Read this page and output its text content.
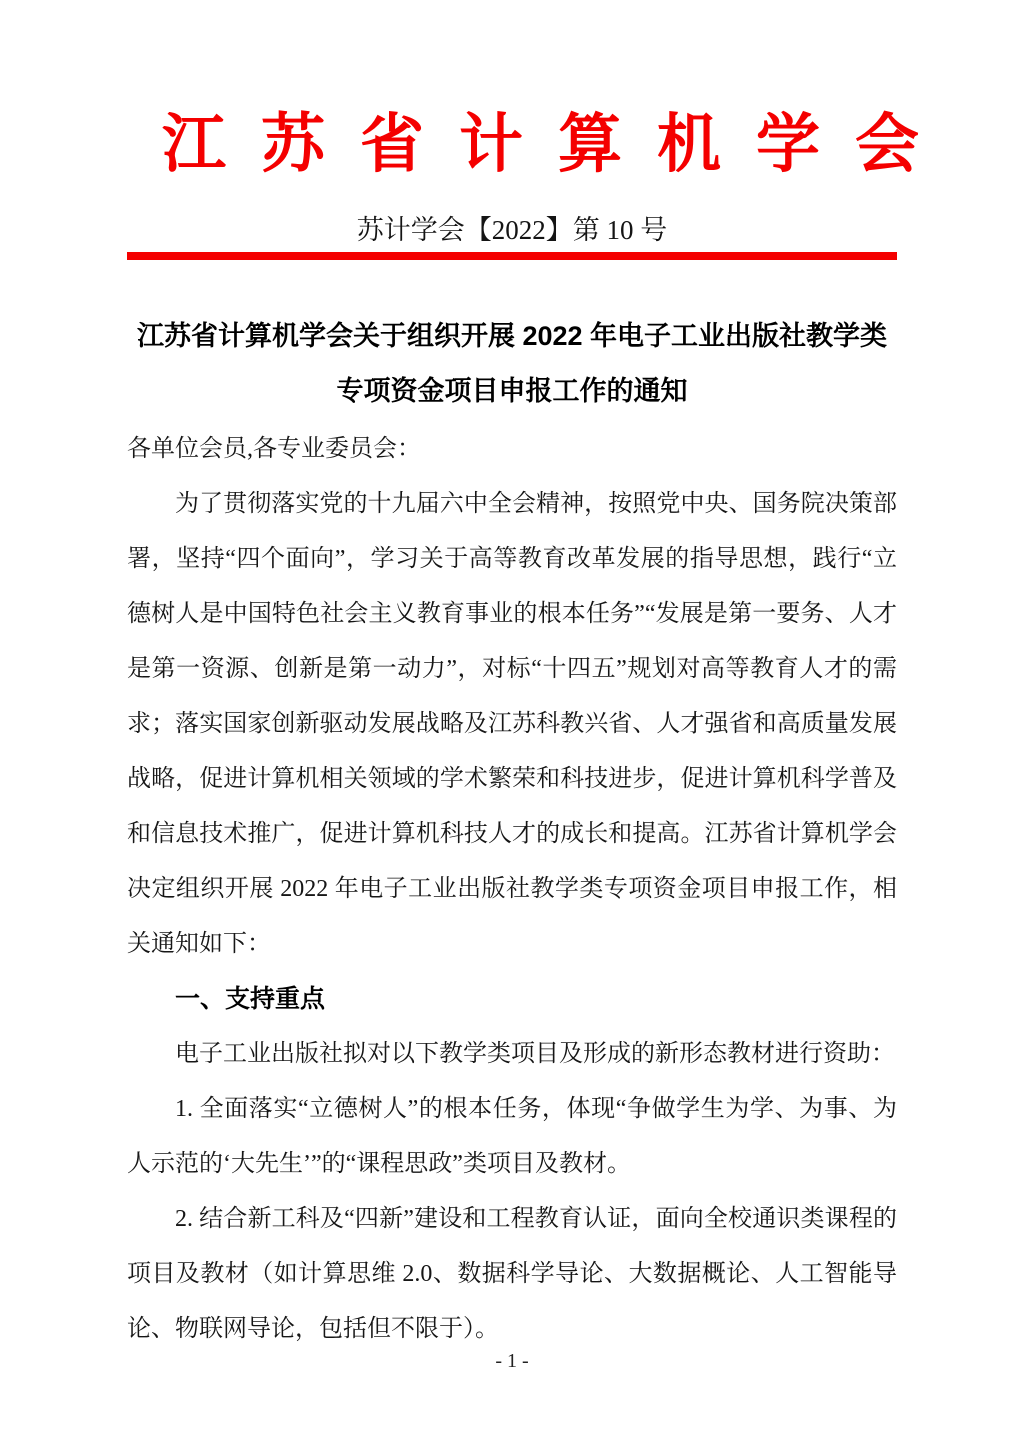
江苏省计算机学会
苏计学会【2022】第 10 号
江苏省计算机学会关于组织开展 2022 年电子工业出版社教学类
专项资金项目申报工作的通知

各单位会员,各专业委员会：

为了贯彻落实党的十九届六中全会精神，按照党中央、国务院决策部署，坚持“四个面向”，学习关于高等教育改革发展的指导思想，践行“立德树人是中国特色社会主义教育事业的根本任务”“发展是第一要务、人才是第一资源、创新是第一动力”，对标“十四五”规划对高等教育人才的需求；落实国家创新驱动发展战略及江苏科教兴省、人才强省和高质量发展战略，促进计算机相关领域的学术繁荣和科技进步，促进计算机科学普及和信息技术推广，促进计算机科技人才的成长和提高。江苏省计算机学会决定组织开展 2022 年电子工业出版社教学类专项资金项目申报工作，相关通知如下：

一、支持重点

电子工业出版社拟对以下教学类项目及形成的新形态教材进行资助：

1. 全面落实“立德树人”的根本任务，体现“争做学生为学、为事、为人示范的‘大先生’”的“课程思政”类项目及教材。

2. 结合新工科及“四新”建设和工程教育认证，面向全校通识类课程的项目及教材（如计算思维 2.0、数据科学导论、大数据概论、人工智能导论、物联网导论，包括但不限于）。

- 1 -
